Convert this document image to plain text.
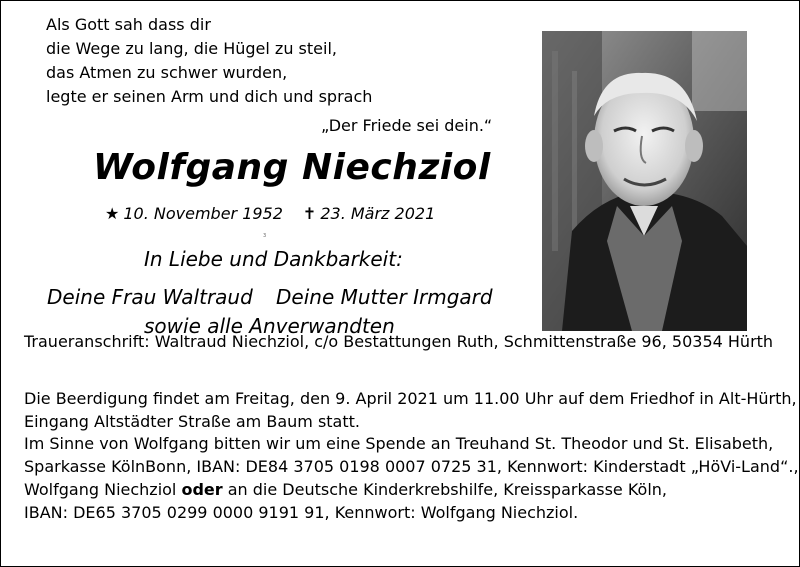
Als Gott sah dass dir
die Wege zu lang, die Hügel zu steil,
das Atmen zu schwer wurden,
legte er seinen Arm und dich und sprach
„Der Friede sei dein.“
Wolfgang Niechziol
★ 10. November 1952 ✝ 23. März 2021
3
In Liebe und Dankbarkeit:
Deine Frau Waltraud Deine Mutter Irmgard
sowie alle Anverwandten
Traueranschrift: Waltraud Niechziol, c/o Bestattungen Ruth, Schmittenstraße 96, 50354 Hürth
Die Beerdigung findet am Freitag, den 9. April 2021 um 11.00 Uhr auf dem Friedhof in Alt-Hürth,
Eingang Altstädter Straße am Baum statt.
Im Sinne von Wolfgang bitten wir um eine Spende an Treuhand St. Theodor und St. Elisabeth,
Sparkasse KölnBonn, IBAN: DE84 3705 0198 0007 0725 31, Kennwort: Kinderstadt „HöVi-Land“.,
Wolfgang Niechziol oder an die Deutsche Kinderkrebshilfe, Kreissparkasse Köln,
IBAN: DE65 3705 0299 0000 9191 91, Kennwort: Wolfgang Niechziol.
